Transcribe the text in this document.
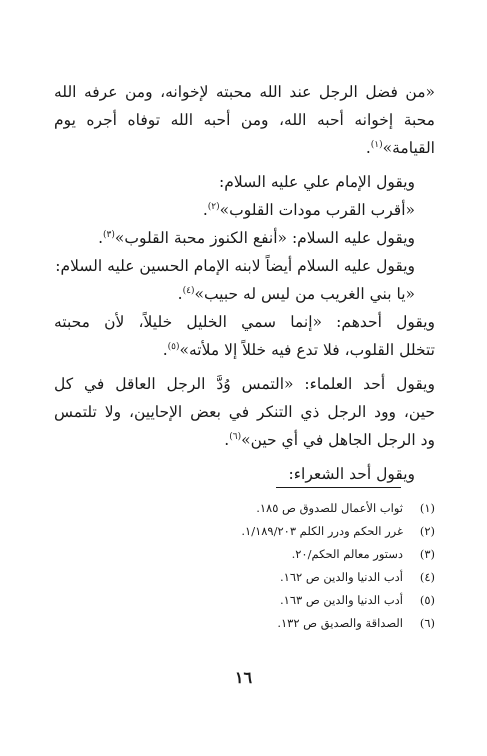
«من فضل الرجل عند الله محبته لإخوانه، ومن عرفه الله

محبة إخوانه أحبه الله، ومن أحبه الله توفاه أجره يوم

القيامة»$^{(١)}$.

ويقول الإمام علي عليه السلام:

«أقرب القرب مودات القلوب»$^{(٢)}$.

ويقول عليه السلام: «أنفع الكنوز محبة القلوب»$^{(٣)}$.

ويقول عليه السلام أيضاً لابنه الإمام الحسين عليه السلام:

«يا بني الغريب من ليس له حبيب»$^{(٤)}$.

ويقول أحدهم: «إنما سمي الخليل خليلاً، لأن محبته

تتخلل القلوب، فلا تدع فيه خللاً إلا ملأته»$^{(٥)}$.

ويقول أحد العلماء: «التمس وُدَّ الرجل العاقل في كل

حين، وود الرجل ذي التنكر في بعض الإحايين، ولا تلتمس

ود الرجل الجاهل في أي حين»$^{(٦)}$.

ويقول أحد الشعراء:

(١)
ثواب الأعمال للصدوق ص ١٨٥.
(٢)
غرر الحكم ودرر الكلم ١/١٨٩/٢٠٣.
(٣)
دستور معالم الحكم/٢٠.
(٤)
أدب الدنيا والدين ص ١٦٢.
(٥)
أدب الدنيا والدين ص ١٦٣.
(٦)
الصداقة والصديق ص ١٣٢.
١٦
